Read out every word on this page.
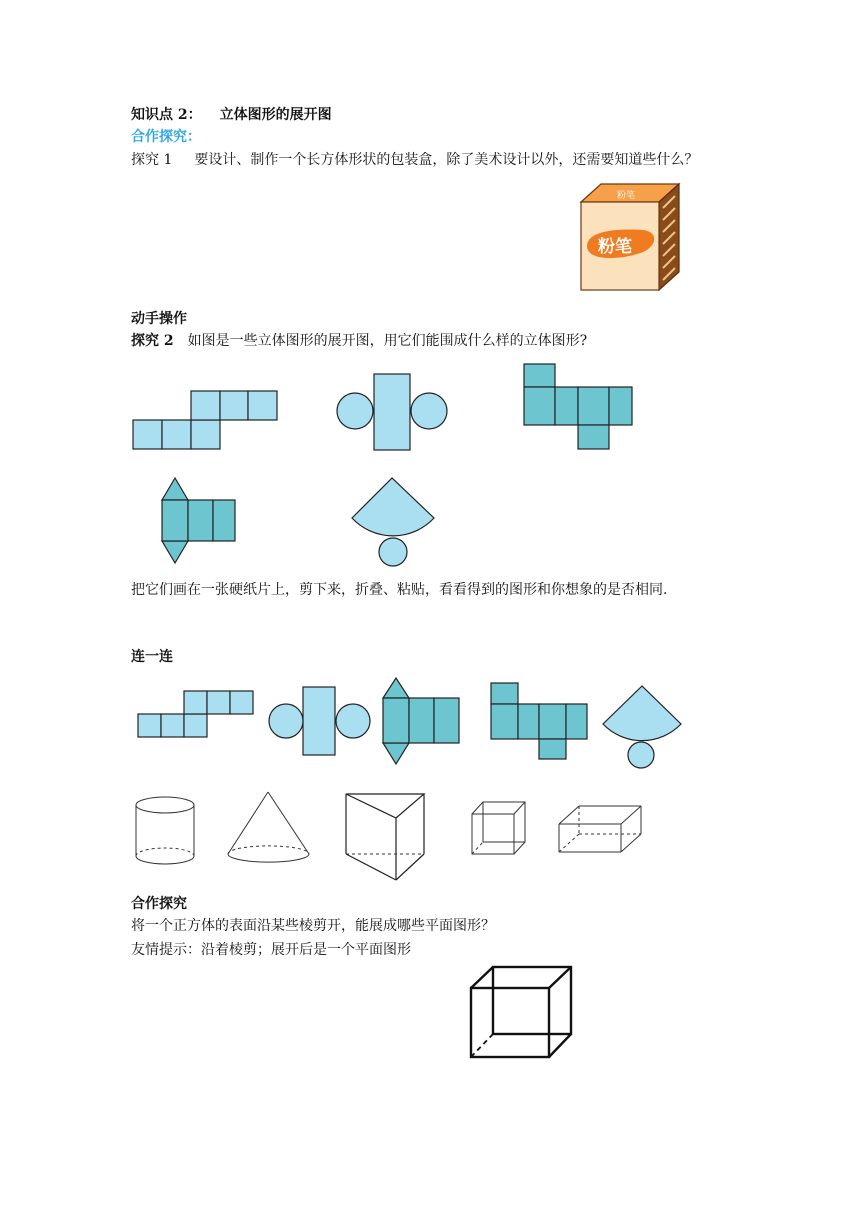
知识点 2： 立体图形的展开图
合作探究：
探究 1 要设计、制作一个长方体形状的包装盒，除了美术设计以外，还需要知道些什么？
粉笔
粉笔
动手操作
探究 2 如图是一些立体图形的展开图，用它们能围成什么样的立体图形?
把它们画在一张硬纸片上，剪下来，折叠、粘贴，看看得到的图形和你想象的是否相同.
连一连
合作探究
将一个正方体的表面沿某些棱剪开，能展成哪些平面图形？
友情提示：沿着棱剪；展开后是一个平面图形
